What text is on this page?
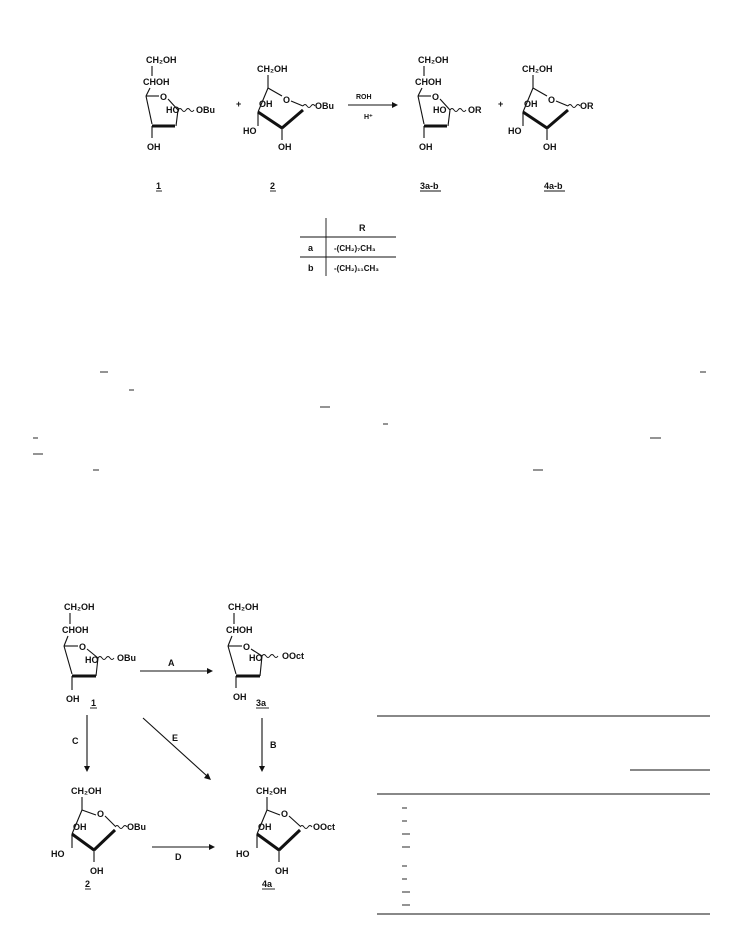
CH₂OH
CHOH
O
OH
HO OBu
1
+
CH₂OH
O
OH
HO
OH
OBu
2
ROH
H⁺
CH₂OH
CHOH
O
OH
HO OR
3a-b
+
CH₂OH
O
OH
HO
OH
OR
4a-b
R
a	-(CH₂)₇CH₃
b	-(CH₂)₁₁CH₃
CH₂OH
CHOH
O
OH
HO OBu
1
A
CH₂OH
CHOH
O
OH
HO OOct
3a
C	E
B
CH₂OH
O
OH
HO
OH
OBu
2
D
CH₂OH
O
OH
HO
OH
OOct
4a
